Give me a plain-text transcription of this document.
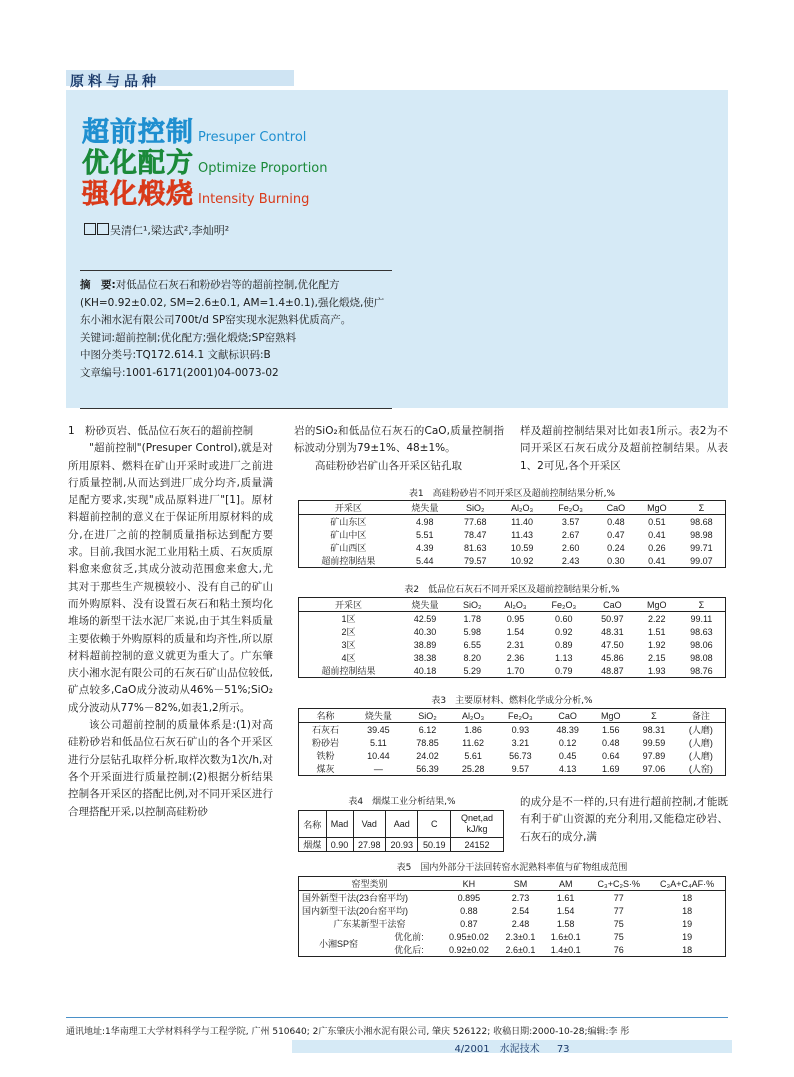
原料与品种
超前控制 Presuper Control
优化配方 Optimize Proportion
强化煅烧 Intensity Burning
吴清仁¹,梁达武²,李灿明²

摘　要:对低品位石灰石和粉砂岩等的超前控制,优化配方(KH=0.92±0.02, SM=2.6±0.1, AM=1.4±0.1),强化煅烧,使广东小湘水泥有限公司700t/d SP窑实现水泥熟料优质高产。

关键词:超前控制;优化配方;强化煅烧;SP窑熟料

中图分类号:TQ172.614.1 文献标识码:B

文章编号:1001-6171(2001)04-0073-02

1　粉砂页岩、低品位石灰石的超前控制

"超前控制"(Presuper Control),就是对所用原料、燃料在矿山开采时或进厂之前进行质量控制,从而达到进厂成分均齐,质量满足配方要求,实现"成品原料进厂"[1]。原材料超前控制的意义在于保证所用原材料的成分,在进厂之前的控制质量指标达到配方要求。目前,我国水泥工业用粘土质、石灰质原料愈来愈贫乏,其成分波动范围愈来愈大,尤其对于那些生产规模较小、没有自己的矿山而外购原料、没有设置石灰石和粘土预均化堆场的新型干法水泥厂来说,由于其生料质量主要依赖于外购原料的质量和均齐性,所以原材料超前控制的意义就更为重大了。广东肇庆小湘水泥有限公司的石灰石矿山品位较低,矿点较多,CaO成分波动从46%－51%;SiO₂成分波动从77%－82%,如表1,2所示。

该公司超前控制的质量体系是:(1)对高硅粉砂岩和低品位石灰石矿山的各个开采区进行分层钻孔取样分析,取样次数为1次/h,对各个开采面进行质量控制;(2)根据分析结果控制各开采区的搭配比例,对不同开采区进行合理搭配开采,以控制高硅粉砂

岩的SiO₂和低品位石灰石的CaO,质量控制指标波动分别为79±1%、48±1%。

高硅粉砂岩矿山各开采区钻孔取

样及超前控制结果对比如表1所示。表2为不同开采区石灰石成分及超前控制结果。从表1、2可见,各个开采区

表1　高硅粉砂岩不同开采区及超前控制结果分析,%
开采区	烧失量	SiO₂	Al₂O₃	Fe₂O₃	CaO	MgO	Σ
矿山东区	4.98	77.68	11.40	3.57	0.48	0.51	98.68
矿山中区	5.51	78.47	11.43	2.67	0.47	0.41	98.98
矿山西区	4.39	81.63	10.59	2.60	0.24	0.26	99.71
超前控制结果	5.44	79.57	10.92	2.43	0.30	0.41	99.07
表2　低品位石灰石不同开采区及超前控制结果分析,%
开采区	烧失量	SiO₂	Al₂O₃	Fe₂O₃	CaO	MgO	Σ
1区	42.59	1.78	0.95	0.60	50.97	2.22	99.11
2区	40.30	5.98	1.54	0.92	48.31	1.51	98.63
3区	38.89	6.55	2.31	0.89	47.50	1.92	98.06
4区	38.38	8.20	2.36	1.13	45.86	2.15	98.08
超前控制结果	40.18	5.29	1.70	0.79	48.87	1.93	98.76
表3　主要原材料、燃料化学成分分析,%
名称	烧失量	SiO₂	Al₂O₃	Fe₂O₃	CaO	MgO	Σ	备注
石灰石	39.45	6.12	1.86	0.93	48.39	1.56	98.31	(人磨)
粉砂岩	5.11	78.85	11.62	3.21	0.12	0.48	99.59	(人磨)
铁粉	10.44	24.02	5.61	56.73	0.45	0.64	97.89	(人磨)
煤灰	—	56.39	25.28	9.57	4.13	1.69	97.06	(人窑)
表4　烟煤工业分析结果,%
名称	Mad	Vad	Aad	C	Qnet,ad kJ/kg
烟煤	0.90	27.98	20.93	50.19	24152

的成分是不一样的,只有进行超前控制,才能既有利于矿山资源的充分利用,又能稳定砂岩、石灰石的成分,满

表5　国内外部分干法回转窑水泥熟料率值与矿物组成范围
窑型类别		KH	SM	AM	C₃+C₂S·%	C₃A+C₄AF·%
国外新型干法(23台窑平均)		0.895	2.73	1.61	77	18
国内新型干法(20台窑平均)		0.88	2.54	1.54	77	18
广东某新型干法窑		0.87	2.48	1.58	75	19
小湘SP窑	优化前:	0.95±0.02	2.3±0.1	1.6±0.1	75	19
	优化后:	0.92±0.02	2.6±0.1	1.4±0.1	76	18
通讯地址:1华南理工大学材料科学与工程学院, 广州 510640; 2广东肇庆小湘水泥有限公司, 肇庆 526122; 收稿日期:2000-10-28;编辑:李 彤
4/2001　水泥技术 73
